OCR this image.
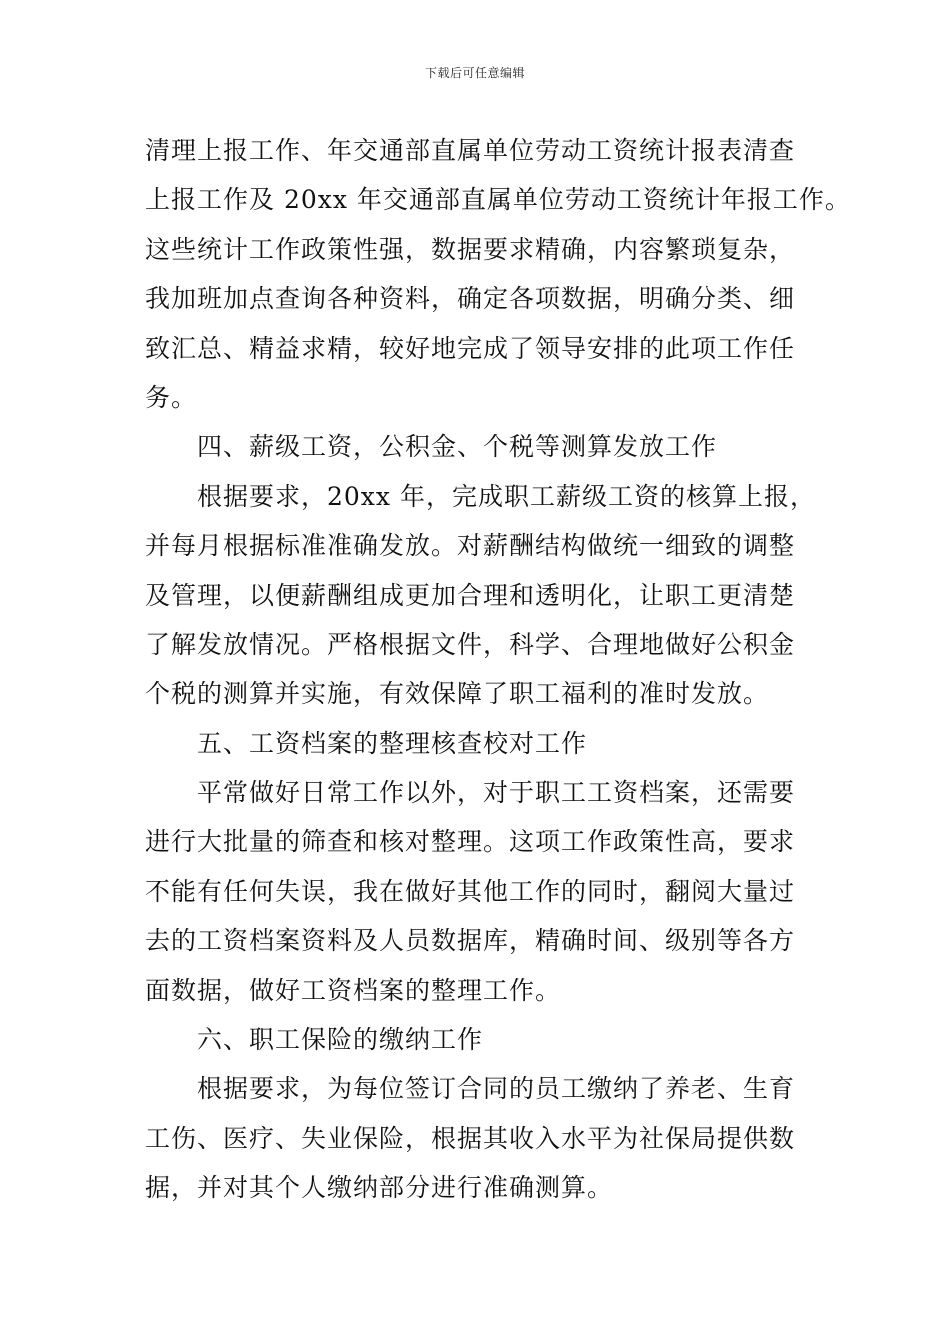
下载后可任意编辑
清理上报工作、年交通部直属单位劳动工资统计报表清查
上报工作及 20xx 年交通部直属单位劳动工资统计年报工作。
这些统计工作政策性强，数据要求精确，内容繁琐复杂，
我加班加点查询各种资料，确定各项数据，明确分类、细
致汇总、精益求精，较好地完成了领导安排的此项工作任
务。
四、薪级工资，公积金、个税等测算发放工作
根据要求，20xx 年，完成职工薪级工资的核算上报，
并每月根据标准准确发放。对薪酬结构做统一细致的调整
及管理，以便薪酬组成更加合理和透明化，让职工更清楚
了解发放情况。严格根据文件，科学、合理地做好公积金
个税的测算并实施，有效保障了职工福利的准时发放。
五、工资档案的整理核查校对工作
平常做好日常工作以外，对于职工工资档案，还需要
进行大批量的筛查和核对整理。这项工作政策性高，要求
不能有任何失误，我在做好其他工作的同时，翻阅大量过
去的工资档案资料及人员数据库，精确时间、级别等各方
面数据，做好工资档案的整理工作。
六、职工保险的缴纳工作
根据要求，为每位签订合同的员工缴纳了养老、生育
工伤、医疗、失业保险，根据其收入水平为社保局提供数
据，并对其个人缴纳部分进行准确测算。
